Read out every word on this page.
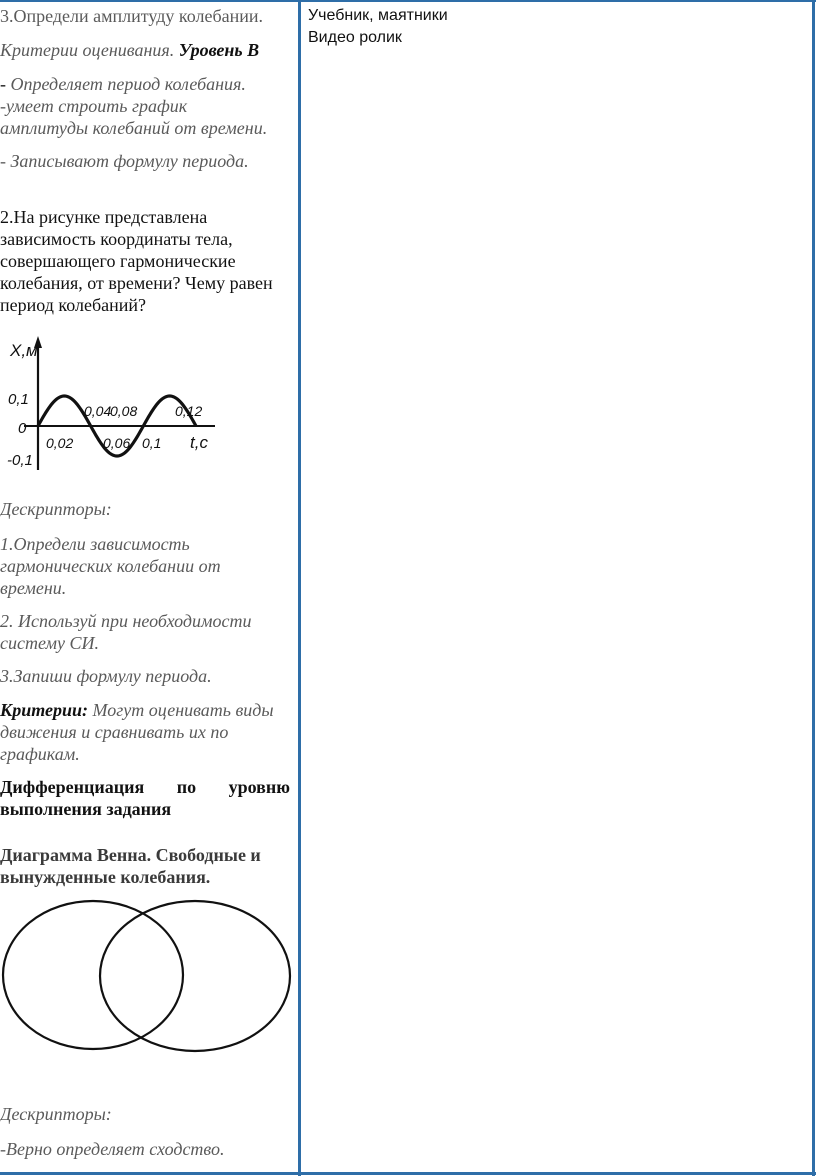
3.Определи амплитуду колебании.
Критерии оценивания. Уровень В
- Определяет период колебания.
-умеет строить график
амплитуды колебаний от времени.
- Записывают формулу периода.
2.На рисунке представлена
зависимость координаты тела,
совершающего гармонические
колебания, от времени? Чему равен
период колебаний?
X,м
t,c
0,1
0
-0,1
0,02 0,06 0,1
0,04
0,08	0,12
Дескрипторы:
1.Определи зависимость
гармонических колебании от
времени.
2. Используй при необходимости
систему СИ.
3.Запиши формулу периода.
Критерии: Могут оценивать виды
движения и сравнивать их по
графикам.
Дифференциация по уровню
выполнения задания
Диаграмма Венна. Свободные и
вынужденные колебания.
Дескрипторы:
-Верно определяет сходство.
Учебник, маятники
Видео ролик
